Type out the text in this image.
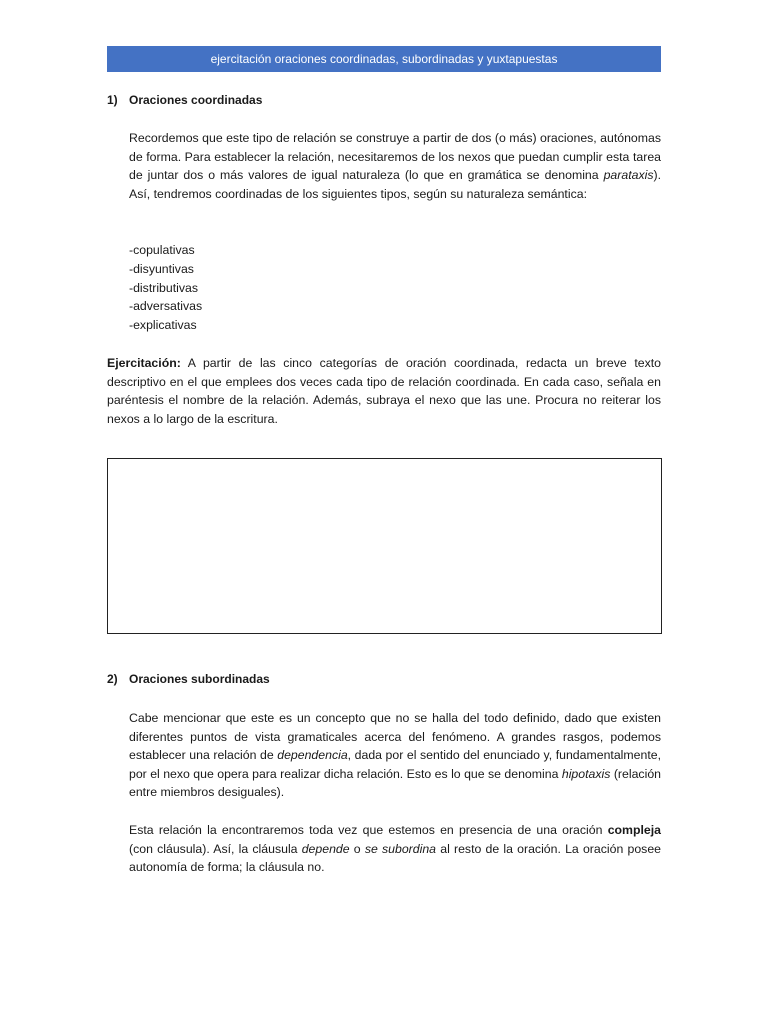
ejercitación oraciones coordinadas, subordinadas y yuxtapuestas
1) Oraciones coordinadas

Recordemos que este tipo de relación se construye a partir de dos (o más) oraciones, autónomas de forma. Para establecer la relación, necesitaremos de los nexos que puedan cumplir esta tarea de juntar dos o más valores de igual naturaleza (lo que en gramática se denomina parataxis). Así, tendremos coordinadas de los siguientes tipos, según su naturaleza semántica:

-copulativas
-disyuntivas
-distributivas
-adversativas
-explicativas

Ejercitación: A partir de las cinco categorías de oración coordinada, redacta un breve texto descriptivo en el que emplees dos veces cada tipo de relación coordinada. En cada caso, señala en paréntesis el nombre de la relación. Además, subraya el nexo que las une. Procura no reiterar los nexos a lo largo de la escritura.

2) Oraciones subordinadas

Cabe mencionar que este es un concepto que no se halla del todo definido, dado que existen diferentes puntos de vista gramaticales acerca del fenómeno. A grandes rasgos, podemos establecer una relación de dependencia, dada por el sentido del enunciado y, fundamentalmente, por el nexo que opera para realizar dicha relación. Esto es lo que se denomina hipotaxis (relación entre miembros desiguales).

Esta relación la encontraremos toda vez que estemos en presencia de una oración compleja (con cláusula). Así, la cláusula depende o se subordina al resto de la oración. La oración posee autonomía de forma; la cláusula no.
